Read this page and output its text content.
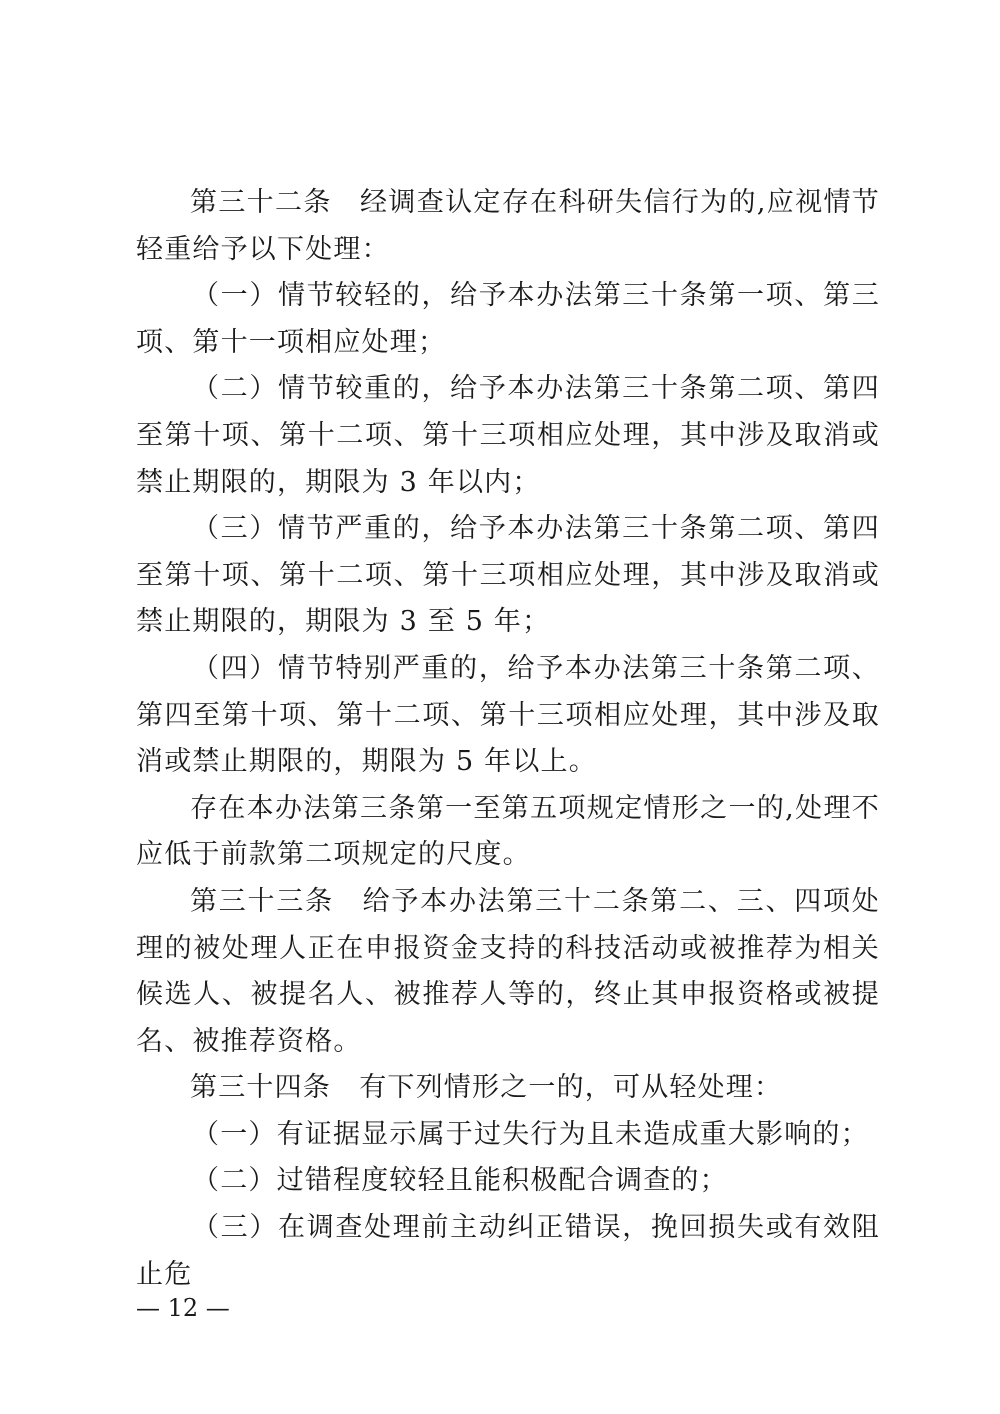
第三十二条　经调查认定存在科研失信行为的,应视情节轻重给予以下处理：

（一）情节较轻的，给予本办法第三十条第一项、第三项、第十一项相应处理；

（二）情节较重的，给予本办法第三十条第二项、第四至第十项、第十二项、第十三项相应处理，其中涉及取消或禁止期限的，期限为 3 年以内；

（三）情节严重的，给予本办法第三十条第二项、第四至第十项、第十二项、第十三项相应处理，其中涉及取消或禁止期限的，期限为 3 至 5 年；

（四）情节特别严重的，给予本办法第三十条第二项、第四至第十项、第十二项、第十三项相应处理，其中涉及取消或禁止期限的，期限为 5 年以上。

存在本办法第三条第一至第五项规定情形之一的,处理不应低于前款第二项规定的尺度。

第三十三条　给予本办法第三十二条第二、三、四项处理的被处理人正在申报资金支持的科技活动或被推荐为相关候选人、被提名人、被推荐人等的，终止其申报资格或被提名、被推荐资格。

第三十四条　有下列情形之一的，可从轻处理：

（一）有证据显示属于过失行为且未造成重大影响的；

（二）过错程度较轻且能积极配合调查的；

（三）在调查处理前主动纠正错误，挽回损失或有效阻止危

— 12 —
